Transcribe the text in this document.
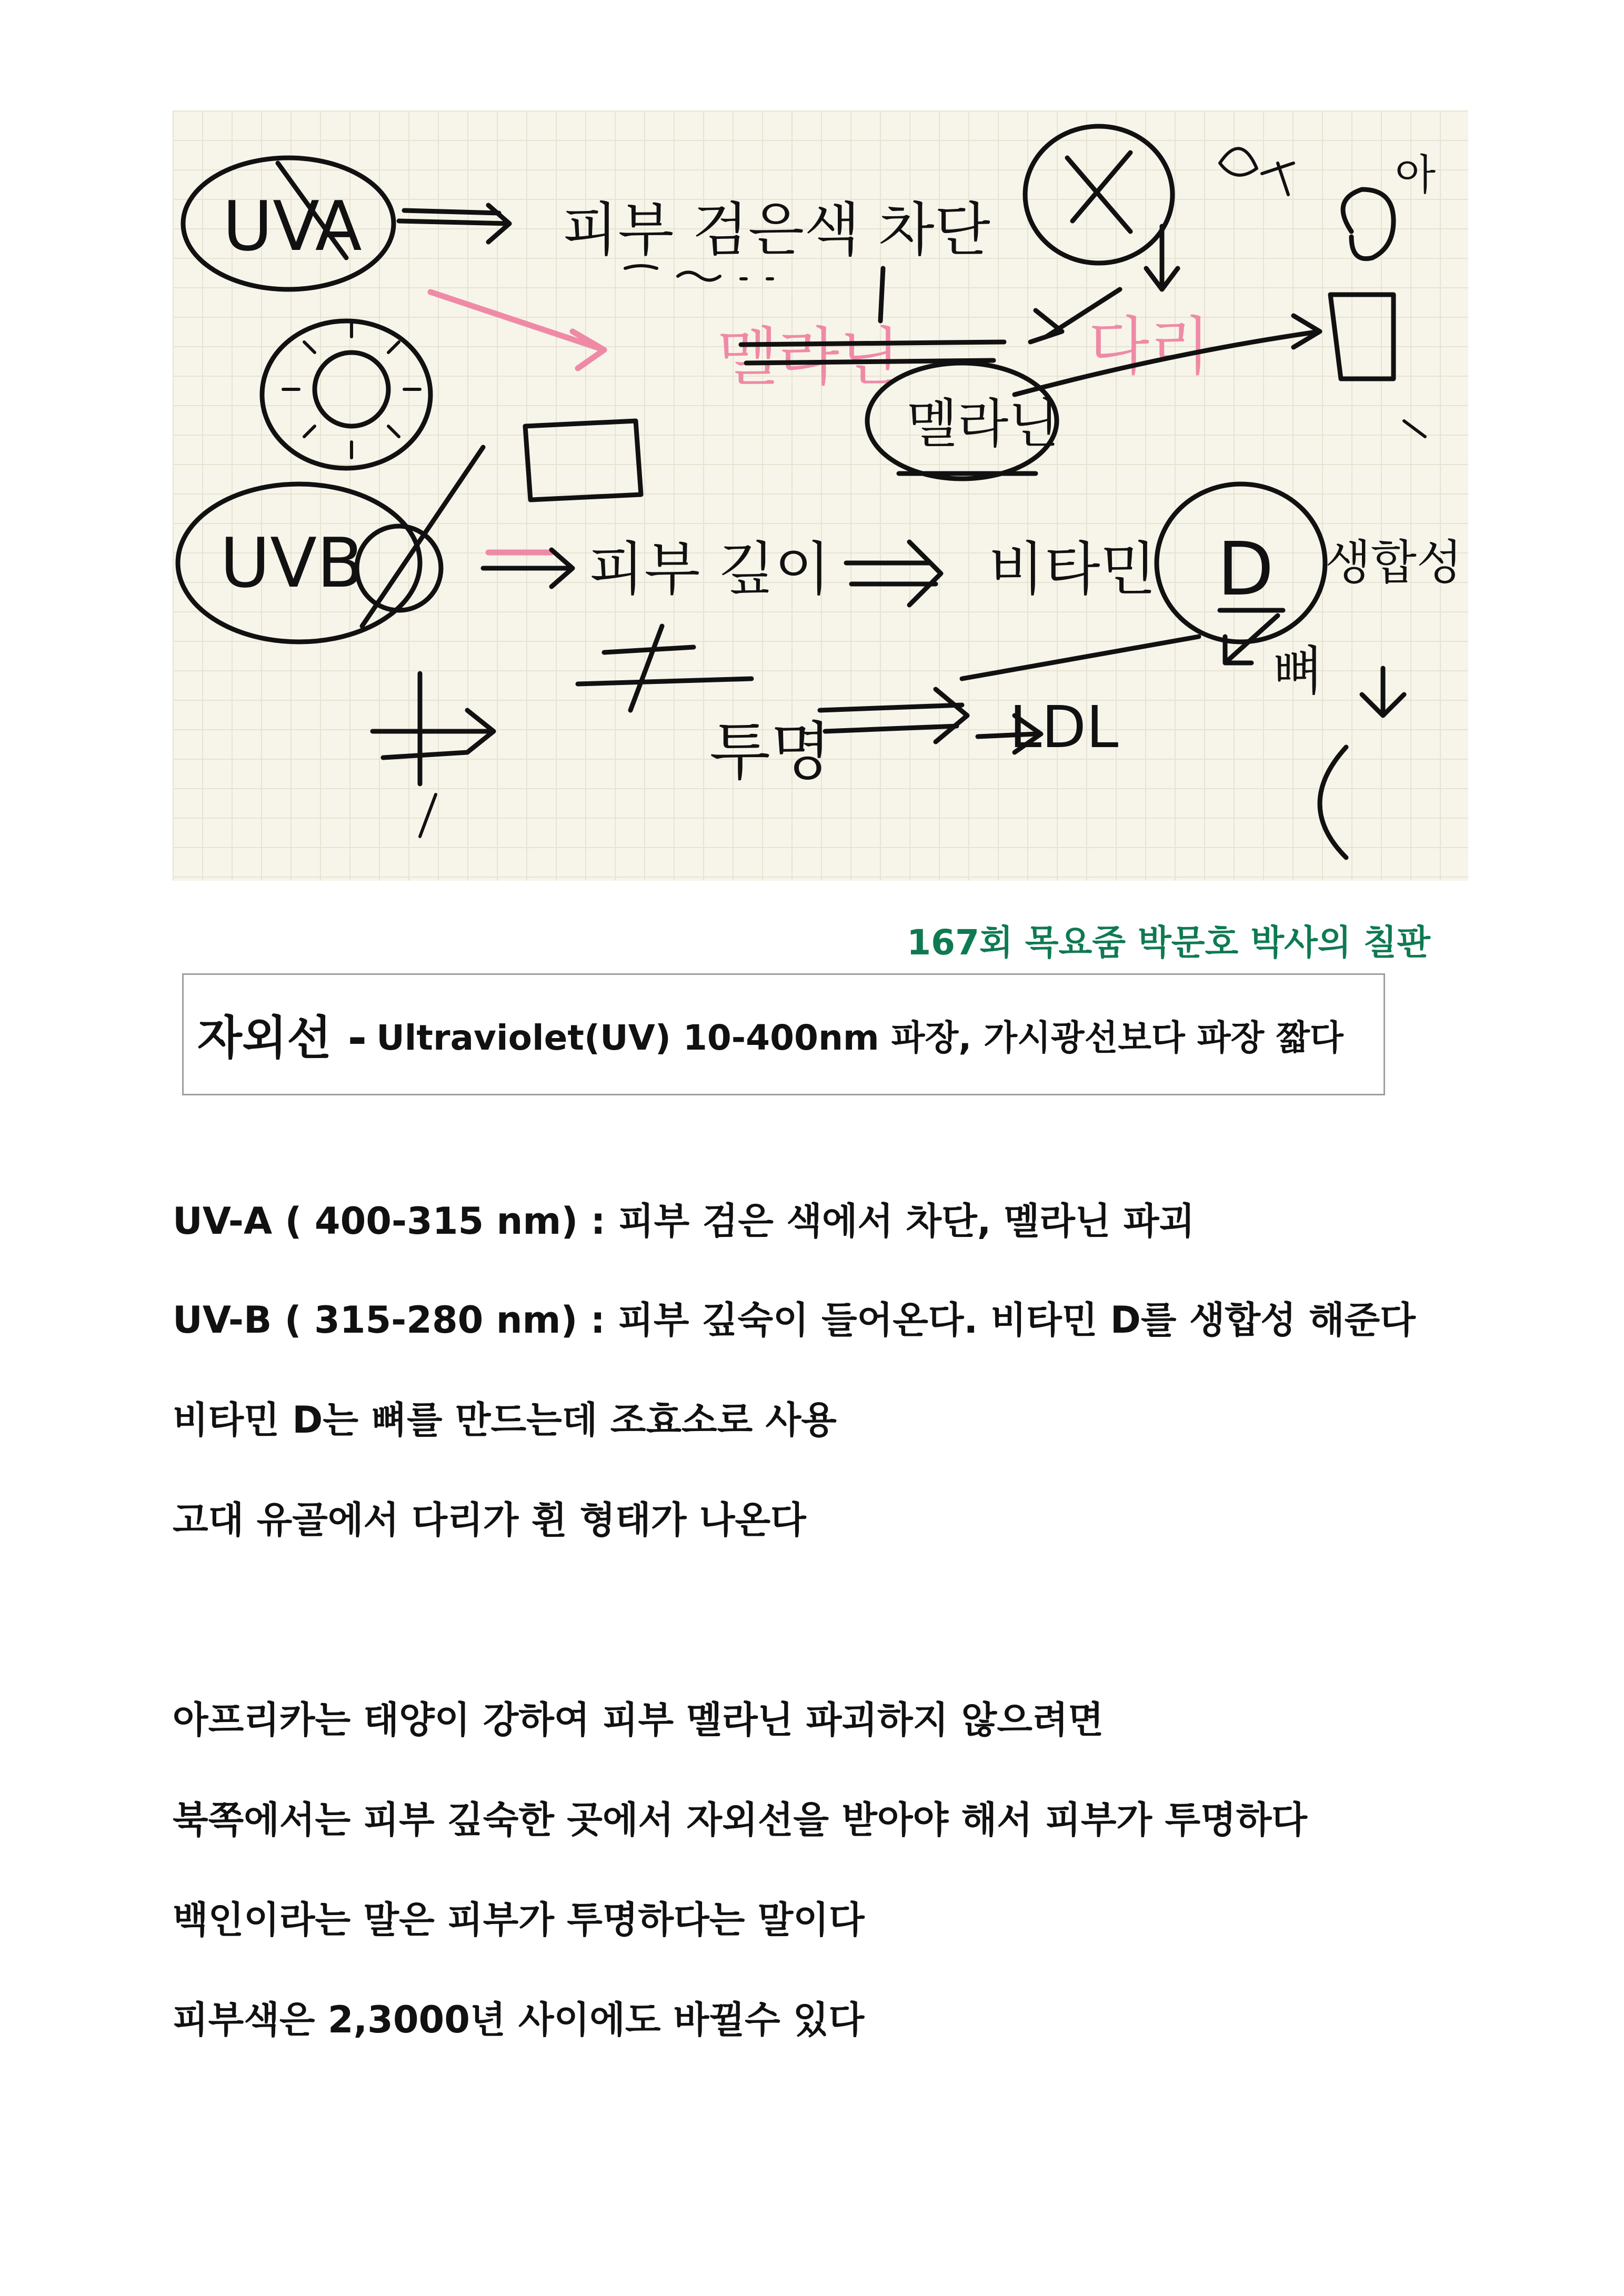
UVA	피부 검은색 차단
멜라닌	다리
아
멜라닌
UVB	피부 깊이	비타민 D 생합성
투명	LDL
뼈
167회 목요줌 박문호 박사의 칠판
자외선 - Ultraviolet(UV) 10-400nm 파장, 가시광선보다 파장 짧다
UV-A ( 400-315 nm) : 피부 검은 색에서 차단, 멜라닌 파괴
UV-B ( 315-280 nm) : 피부 깊숙이 들어온다. 비타민 D를 생합성 해준다
비타민 D는 뼈를 만드는데 조효소로 사용
고대 유골에서 다리가 휜 형태가 나온다
아프리카는 태양이 강하여 피부 멜라닌 파괴하지 않으려면
북쪽에서는 피부 깊숙한 곳에서 자외선을 받아야 해서 피부가 투명하다
백인이라는 말은 피부가 투명하다는 말이다
피부색은 2,3000년 사이에도 바뀔수 있다
